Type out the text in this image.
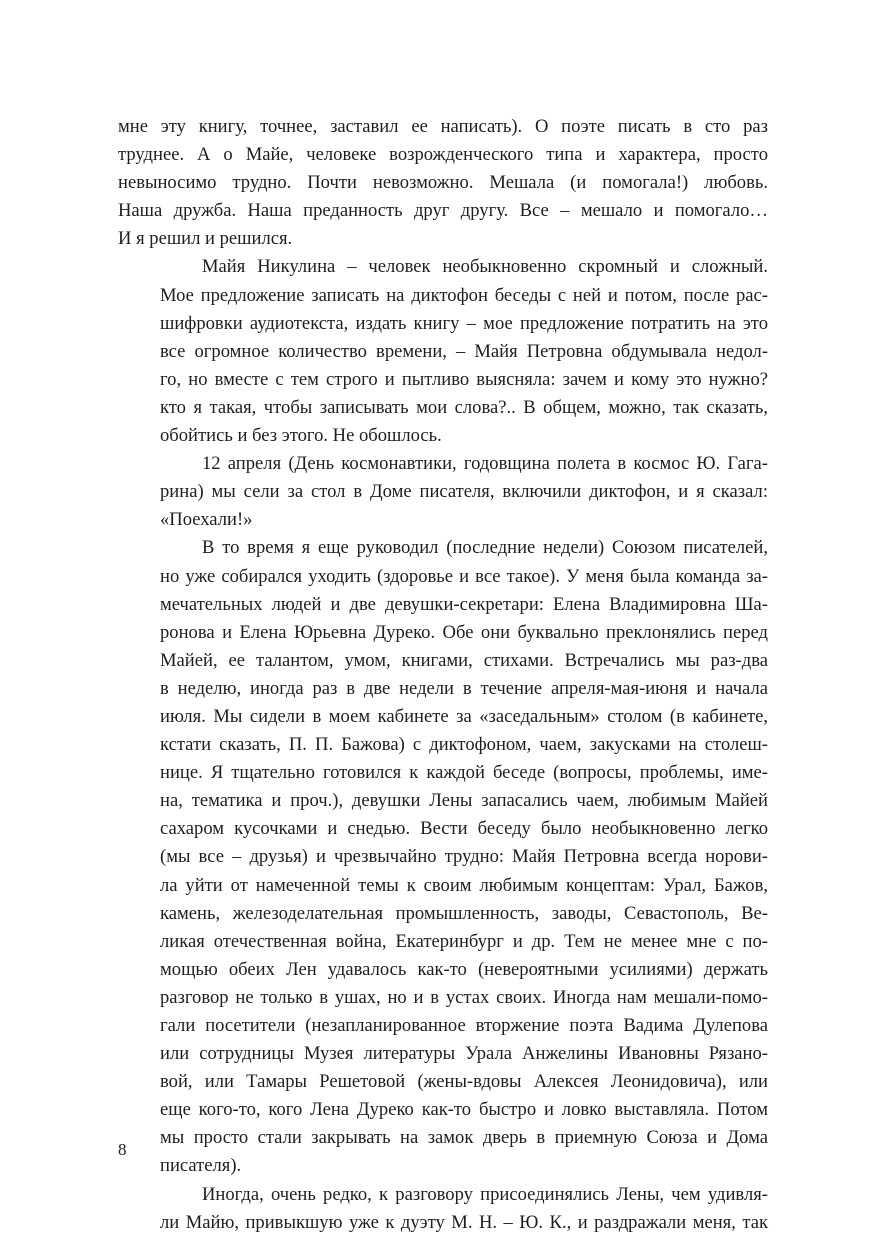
мне эту книгу, точнее, заставил ее написать). О поэте писать в сто раз
труднее. А о Майе, человеке возрожденческого типа и характера, просто
невыносимо трудно. Почти невозможно. Мешала (и помогала!) любовь.
Наша дружба. Наша преданность друг другу. Все – мешало и помогало…
И я решил и решился.
Майя Никулина – человек необыкновенно скромный и сложный.
Мое предложение записать на диктофон беседы с ней и потом, после рас-
шифровки аудиотекста, издать книгу – мое предложение потратить на это
все огромное количество времени, – Майя Петровна обдумывала недол-
го, но вместе с тем строго и пытливо выясняла: зачем и кому это нужно?
кто я такая, чтобы записывать мои слова?.. В общем, можно, так сказать,
обойтись и без этого. Не обошлось.
12 апреля (День космонавтики, годовщина полета в космос Ю. Гага-
рина) мы сели за стол в Доме писателя, включили диктофон, и я сказал:
«Поехали!»
В то время я еще руководил (последние недели) Союзом писателей,
но уже собирался уходить (здоровье и все такое). У меня была команда за-
мечательных людей и две девушки-секретари: Елена Владимировна Ша-
ронова и Елена Юрьевна Дуреко. Обе они буквально преклонялись перед
Майей, ее талантом, умом, книгами, стихами. Встречались мы раз-два
в неделю, иногда раз в две недели в течение апреля-мая-июня и начала
июля. Мы сидели в моем кабинете за «заседальным» столом (в кабинете,
кстати сказать, П. П. Бажова) с диктофоном, чаем, закусками на столеш-
нице. Я тщательно готовился к каждой беседе (вопросы, проблемы, име-
на, тематика и проч.), девушки Лены запасались чаем, любимым Майей
сахаром кусочками и снедью. Вести беседу было необыкновенно легко
(мы все – друзья) и чрезвычайно трудно: Майя Петровна всегда норови-
ла уйти от намеченной темы к своим любимым концептам: Урал, Бажов,
камень, железоделательная промышленность, заводы, Севастополь, Ве-
ликая отечественная война, Екатеринбург и др. Тем не менее мне с по-
мощью обеих Лен удавалось как-то (невероятными усилиями) держать
разговор не только в ушах, но и в устах своих. Иногда нам мешали-помо-
гали посетители (незапланированное вторжение поэта Вадима Дулепова
или сотрудницы Музея литературы Урала Анжелины Ивановны Рязано-
вой, или Тамары Решетовой (жены-вдовы Алексея Леонидовича), или
еще кого-то, кого Лена Дуреко как-то быстро и ловко выставляла. Потом
мы просто стали закрывать на замок дверь в приемную Союза и Дома
писателя).
Иногда, очень редко, к разговору присоединялись Лены, чем удивля-
ли Майю, привыкшую уже к дуэту М. Н. – Ю. К., и раздражали меня, так
8
